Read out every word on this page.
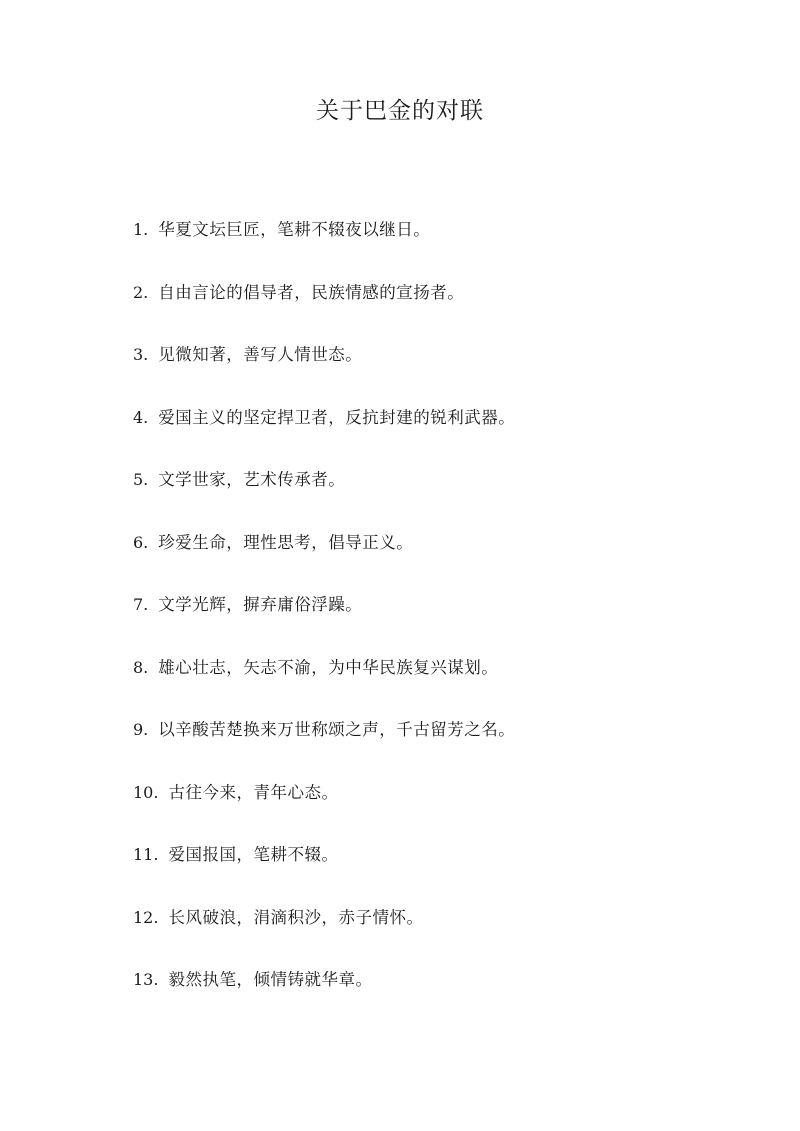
关于巴金的对联
1. 华夏文坛巨匠，笔耕不辍夜以继日。
2. 自由言论的倡导者，民族情感的宣扬者。
3. 见微知著，善写人情世态。
4. 爱国主义的坚定捍卫者，反抗封建的锐利武器。
5. 文学世家，艺术传承者。
6. 珍爱生命，理性思考，倡导正义。
7. 文学光辉，摒弃庸俗浮躁。
8. 雄心壮志，矢志不渝，为中华民族复兴谋划。
9. 以辛酸苦楚换来万世称颂之声，千古留芳之名。
10. 古往今来，青年心态。
11. 爱国报国，笔耕不辍。
12. 长风破浪，涓滴积沙，赤子情怀。
13. 毅然执笔，倾情铸就华章。
